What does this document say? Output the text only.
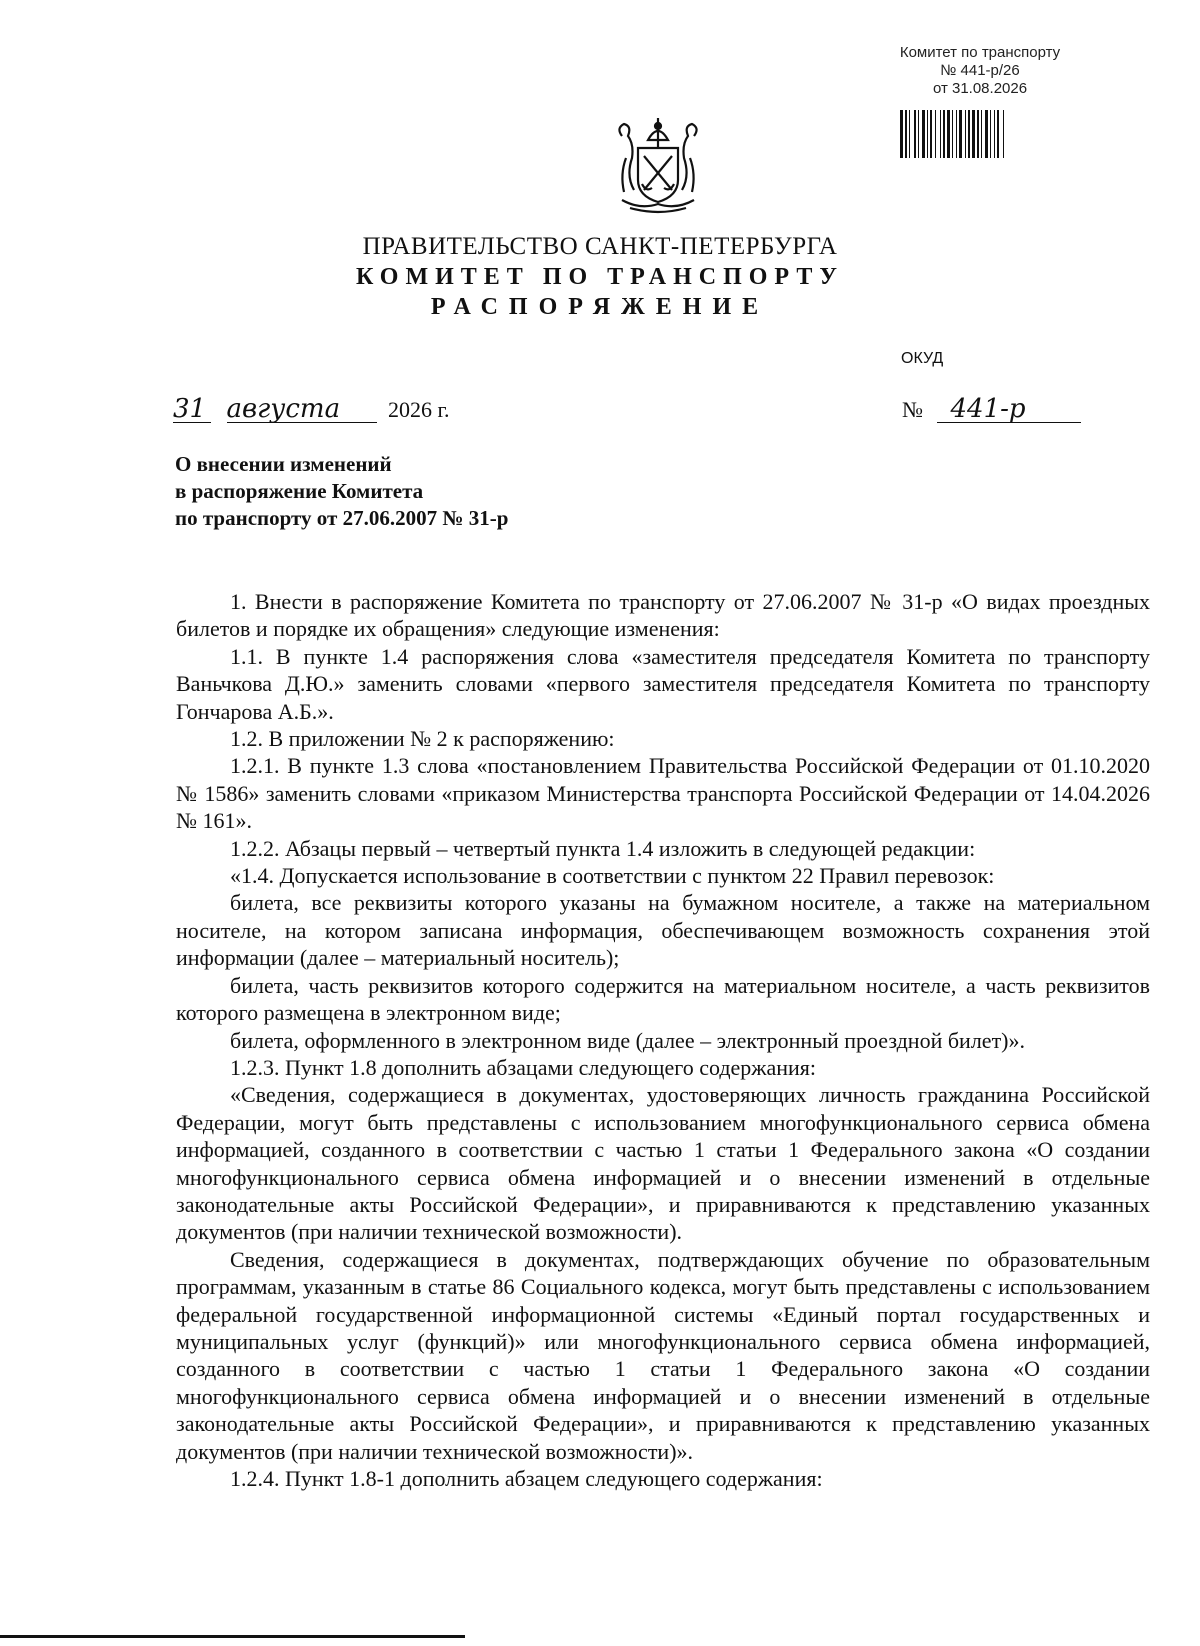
Комитет по транспорту
№ 441-р/26
от 31.08.2026
ПРАВИТЕЛЬСТВО САНКТ-ПЕТЕРБУРГА
КОМИТЕТ ПО ТРАНСПОРТУ
РАСПОРЯЖЕНИЕ
ОКУД
31 августа 2026 г.	№ 441-р
О внесении изменений
в распоряжение Комитета
по транспорту от 27.06.2007 № 31-р

1. Внести в распоряжение Комитета по транспорту от 27.06.2007 № 31-р «О видах проездных билетов и порядке их обращения» следующие изменения:

1.1. В пункте 1.4 распоряжения слова «заместителя председателя Комитета по транспорту Ваньчкова Д.Ю.» заменить словами «первого заместителя председателя Комитета по транспорту Гончарова А.Б.».

1.2. В приложении № 2 к распоряжению:

1.2.1. В пункте 1.3 слова «постановлением Правительства Российской Федерации от 01.10.2020 № 1586» заменить словами «приказом Министерства транспорта Российской Федерации от 14.04.2026 № 161».

1.2.2. Абзацы первый – четвертый пункта 1.4 изложить в следующей редакции:

«1.4. Допускается использование в соответствии с пунктом 22 Правил перевозок:

билета, все реквизиты которого указаны на бумажном носителе, а также на материальном носителе, на котором записана информация, обеспечивающем возможность сохранения этой информации (далее – материальный носитель);

билета, часть реквизитов которого содержится на материальном носителе, а часть реквизитов которого размещена в электронном виде;

билета, оформленного в электронном виде (далее – электронный проездной билет)».

1.2.3. Пункт 1.8 дополнить абзацами следующего содержания:

«Сведения, содержащиеся в документах, удостоверяющих личность гражданина Российской Федерации, могут быть представлены с использованием многофункционального сервиса обмена информацией, созданного в соответствии с частью 1 статьи 1 Федерального закона «О создании многофункционального сервиса обмена информацией и о внесении изменений в отдельные законодательные акты Российской Федерации», и приравниваются к представлению указанных документов (при наличии технической возможности).

Сведения, содержащиеся в документах, подтверждающих обучение по образовательным программам, указанным в статье 86 Социального кодекса, могут быть представлены с использованием федеральной государственной информационной системы «Единый портал государственных и муниципальных услуг (функций)» или многофункционального сервиса обмена информацией, созданного в соответствии с частью 1 статьи 1 Федерального закона «О создании многофункционального сервиса обмена информацией и о внесении изменений в отдельные законодательные акты Российской Федерации», и приравниваются к представлению указанных документов (при наличии технической возможности)».

1.2.4. Пункт 1.8-1 дополнить абзацем следующего содержания:
